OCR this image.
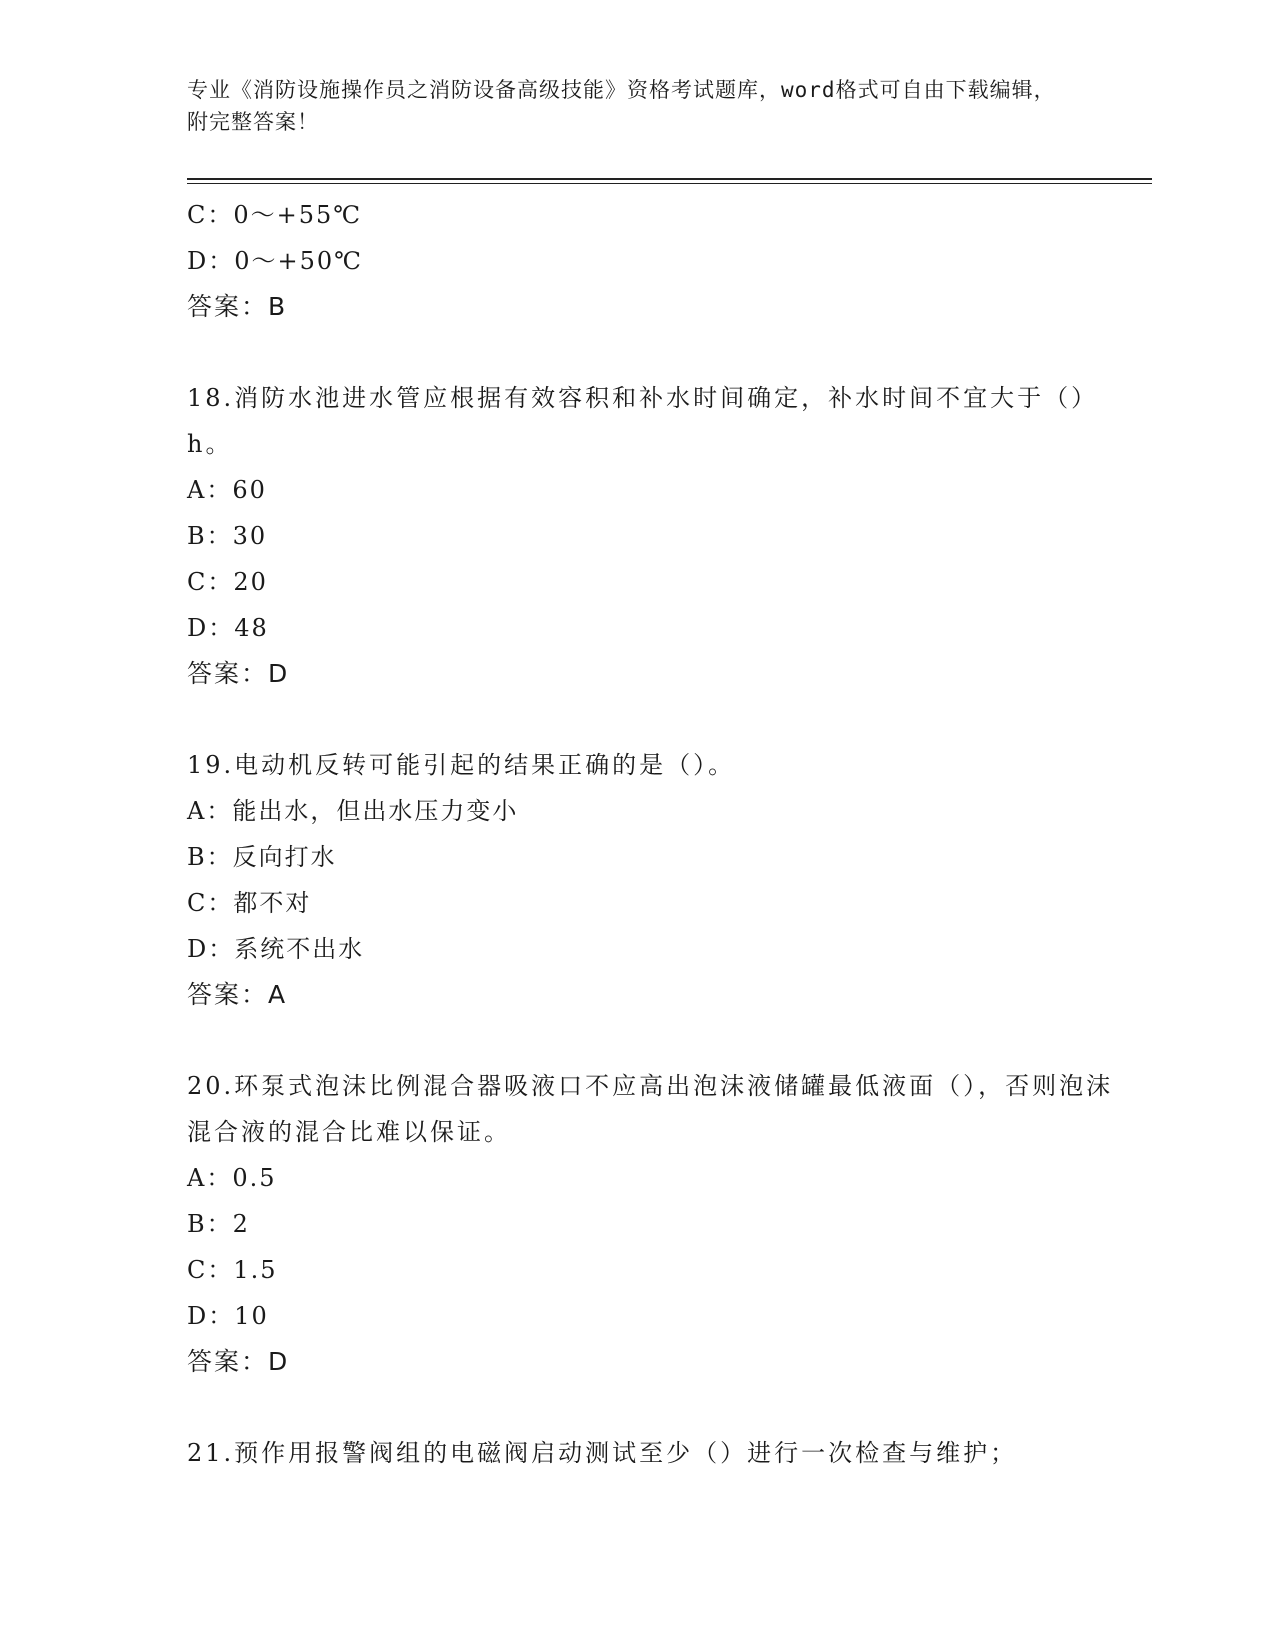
专业《消防设施操作员之消防设备高级技能》资格考试题库，word格式可自由下载编辑，附完整答案！
C：0～+55℃
D：0～+50℃
答案：B
18.消防水池进水管应根据有效容积和补水时间确定，补水时间不宜大于（）h。
A：60
B：30
C：20
D：48
答案：D
19.电动机反转可能引起的结果正确的是（）。
A：能出水，但出水压力变小
B：反向打水
C：都不对
D：系统不出水
答案：A
20.环泵式泡沫比例混合器吸液口不应高出泡沫液储罐最低液面（），否则泡沫混合液的混合比难以保证。
A：0.5
B：2
C：1.5
D：10
答案：D
21.预作用报警阀组的电磁阀启动测试至少（）进行一次检查与维护；
